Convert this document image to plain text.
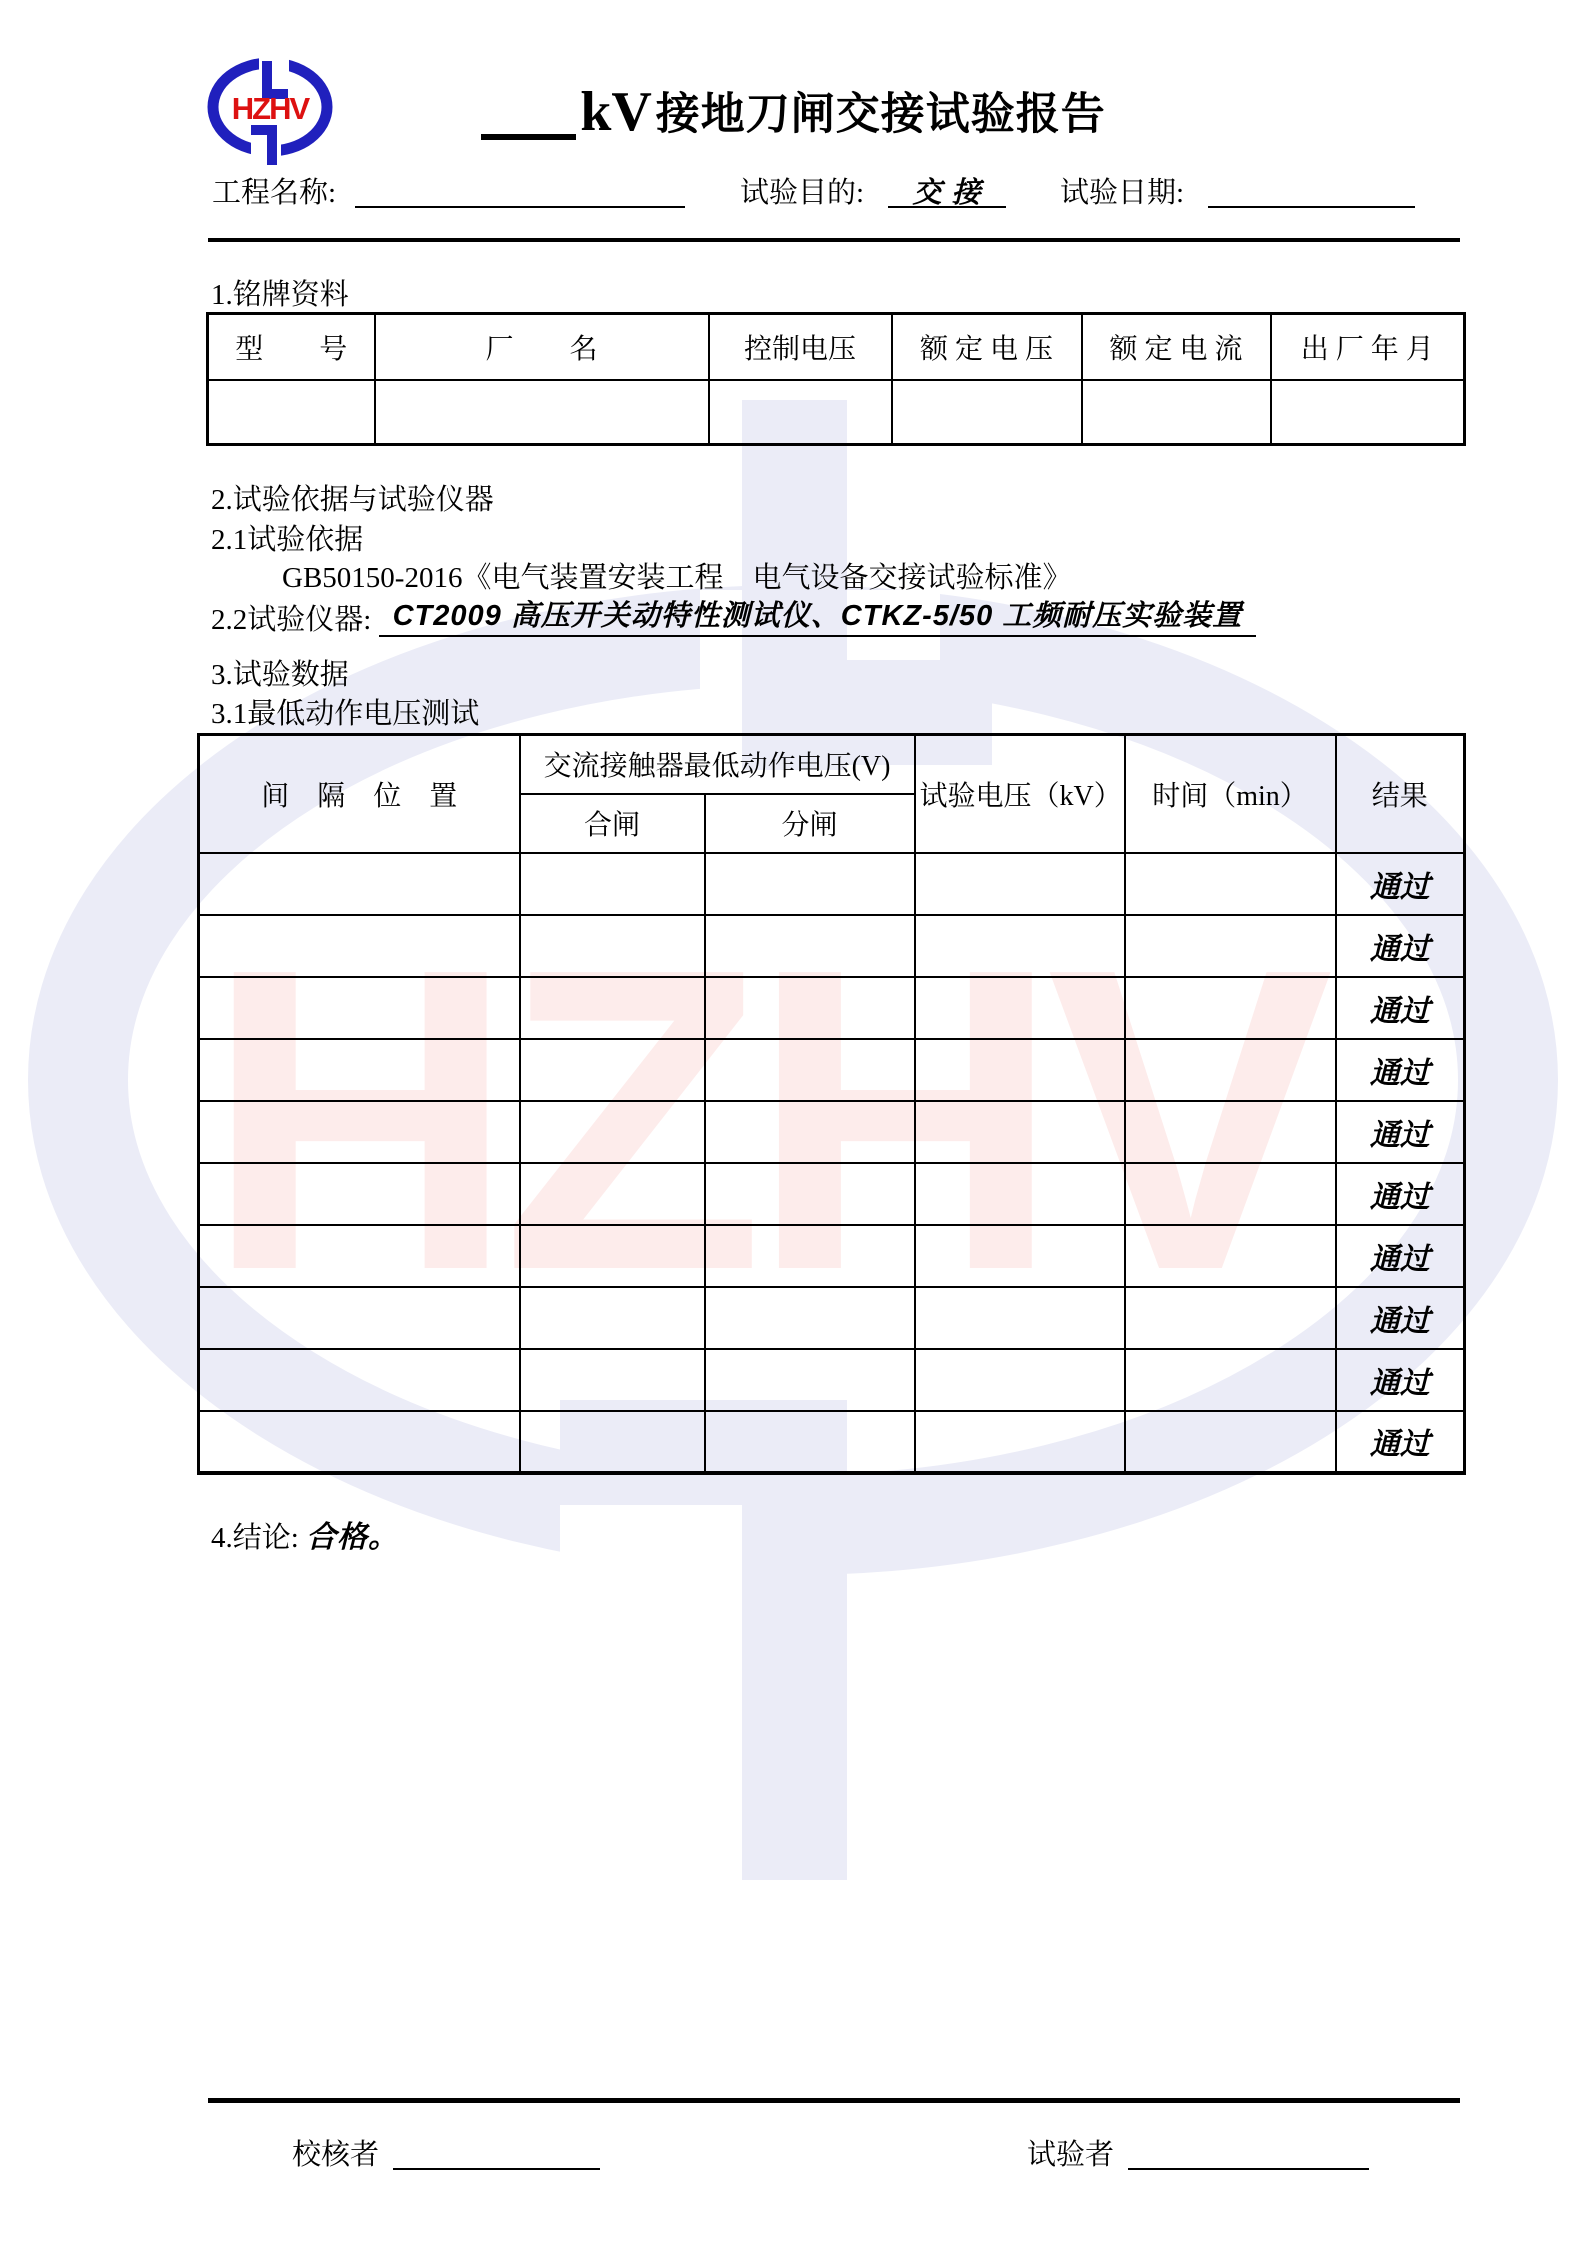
HZHV
HZHV	kV 接地刀闸交接试验报告
工程名称:	试验目的:	交 接	试验日期:
1.铭牌资料
型　　号	厂　　名	控制电压	额 定 电 压	额 定 电 流	出 厂 年 月

2.试验依据与试验仪器
2.1试验依据
GB50150-2016《电气装置安装工程　电气设备交接试验标准》
2.2试验仪器: CT2009 高压开关动特性测试仪、CTKZ-5/50 工频耐压实验装置
3.试验数据
3.1最低动作电压测试
间　隔　位　置	交流接触器最低动作电压(V)		试验电压（kV）	时间（min）	结果
	合闸	分闸			
					通过
					通过
					通过
					通过
					通过
					通过
					通过
					通过
					通过
					通过
4.结论: 合格。
校核者	试验者
